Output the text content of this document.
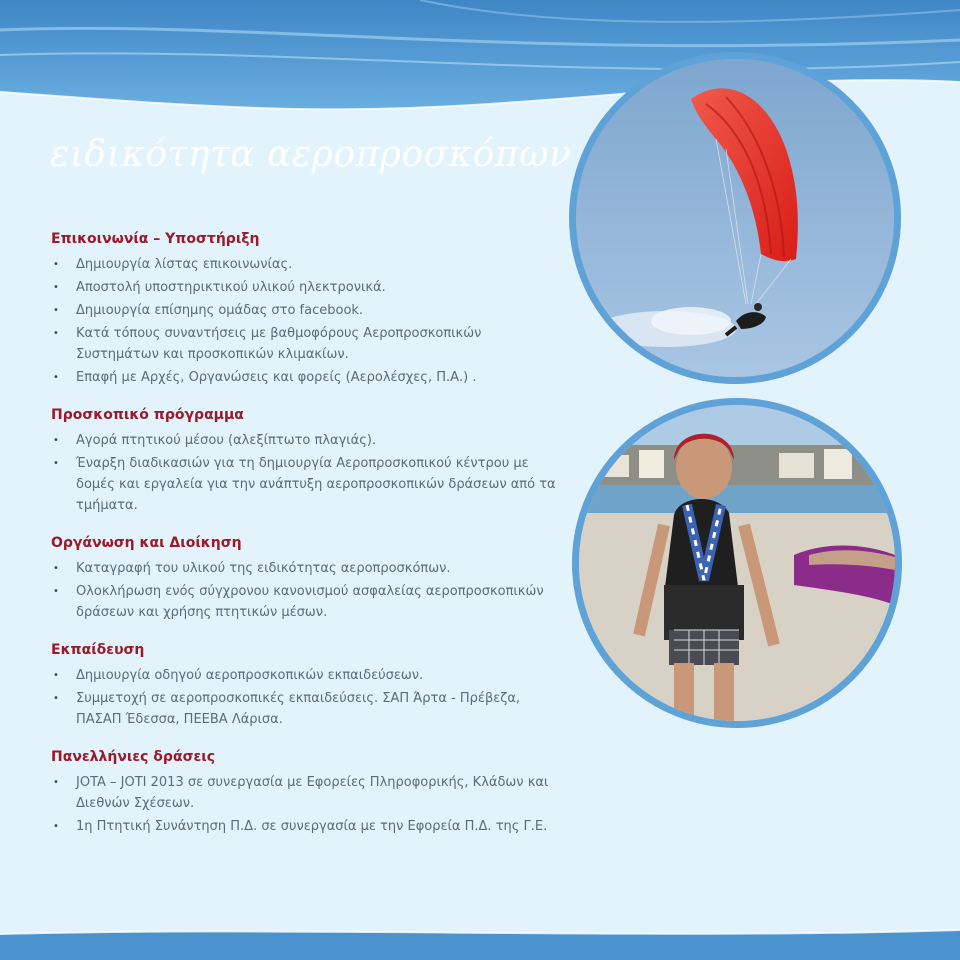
ειδικότητα αεροπροσκόπων
Επικοινωνία – Υποστήριξη
• Δημιουργία λίστας επικοινωνίας.
• Αποστολή υποστηρικτικού υλικού ηλεκτρονικά.
• Δημιουργία επίσημης ομάδας στο facebook.
• Κατά τόπους συναντήσεις με βαθμοφόρους Αεροπροσκοπικών Συστημάτων και προσκοπικών κλιμακίων.
• Επαφή με Αρχές, Οργανώσεις και φορείς (Αερολέσχες, Π.Α.) .
Προσκοπικό πρόγραμμα
• Αγορά πτητικού μέσου (αλεξίπτωτο πλαγιάς).
• Έναρξη διαδικασιών για τη δημιουργία Αεροπροσκοπικού κέντρου με δομές και εργαλεία για την ανάπτυξη αεροπροσκοπικών δράσεων από τα τμήματα.
Οργάνωση και Διοίκηση
• Καταγραφή του υλικού της ειδικότητας αεροπροσκόπων.
• Ολοκλήρωση ενός σύγχρονου κανονισμού ασφαλείας αεροπροσκοπικών δράσεων και χρήσης πτητικών μέσων.
Εκπαίδευση
• Δημιουργία οδηγού αεροπροσκοπικών εκπαιδεύσεων.
• Συμμετοχή σε αεροπροσκοπικές εκπαιδεύσεις. ΣΑΠ Άρτα - Πρέβεζα, ΠΑΣΑΠ Έδεσσα, ΠΕΕΒΑ Λάρισα.
Πανελλήνιες δράσεις
• JOTA – JOTI 2013 σε συνεργασία με Εφορείες Πληροφορικής, Κλάδων και Διεθνών Σχέσεων.
• 1η Πτητική Συνάντηση Π.Δ. σε συνεργασία με την Εφορεία Π.Δ. της Γ.Ε.
